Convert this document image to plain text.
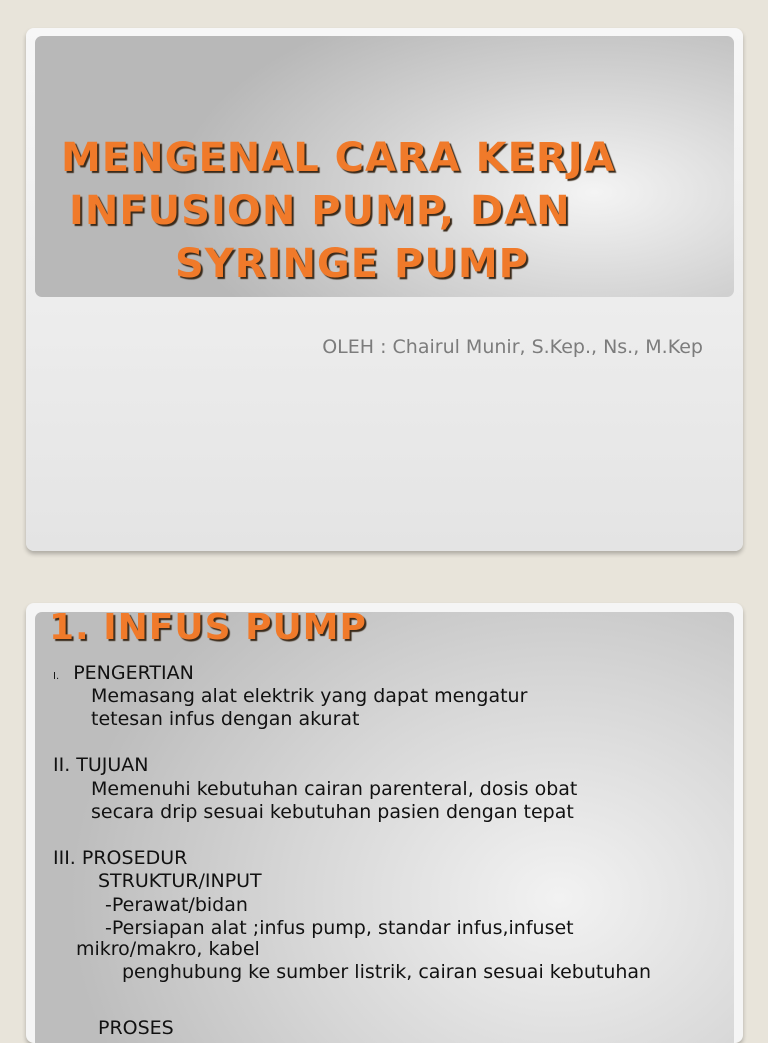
MENGENAL CARA KERJA
INFUSION PUMP, DAN
SYRINGE PUMP
OLEH : Chairul Munir, S.Kep., Ns., M.Kep
1. INFUS PUMP
I. PENGERTIAN
Memasang alat elektrik yang dapat mengatur
tetesan infus dengan akurat
II. TUJUAN
Memenuhi kebutuhan cairan parenteral, dosis obat
secara drip sesuai kebutuhan pasien dengan tepat
III. PROSEDUR
STRUKTUR/INPUT
-Perawat/bidan
-Persiapan alat ;infus pump, standar infus,infuset
mikro/makro, kabel
penghubung ke sumber listrik, cairan sesuai kebutuhan
PROSES
